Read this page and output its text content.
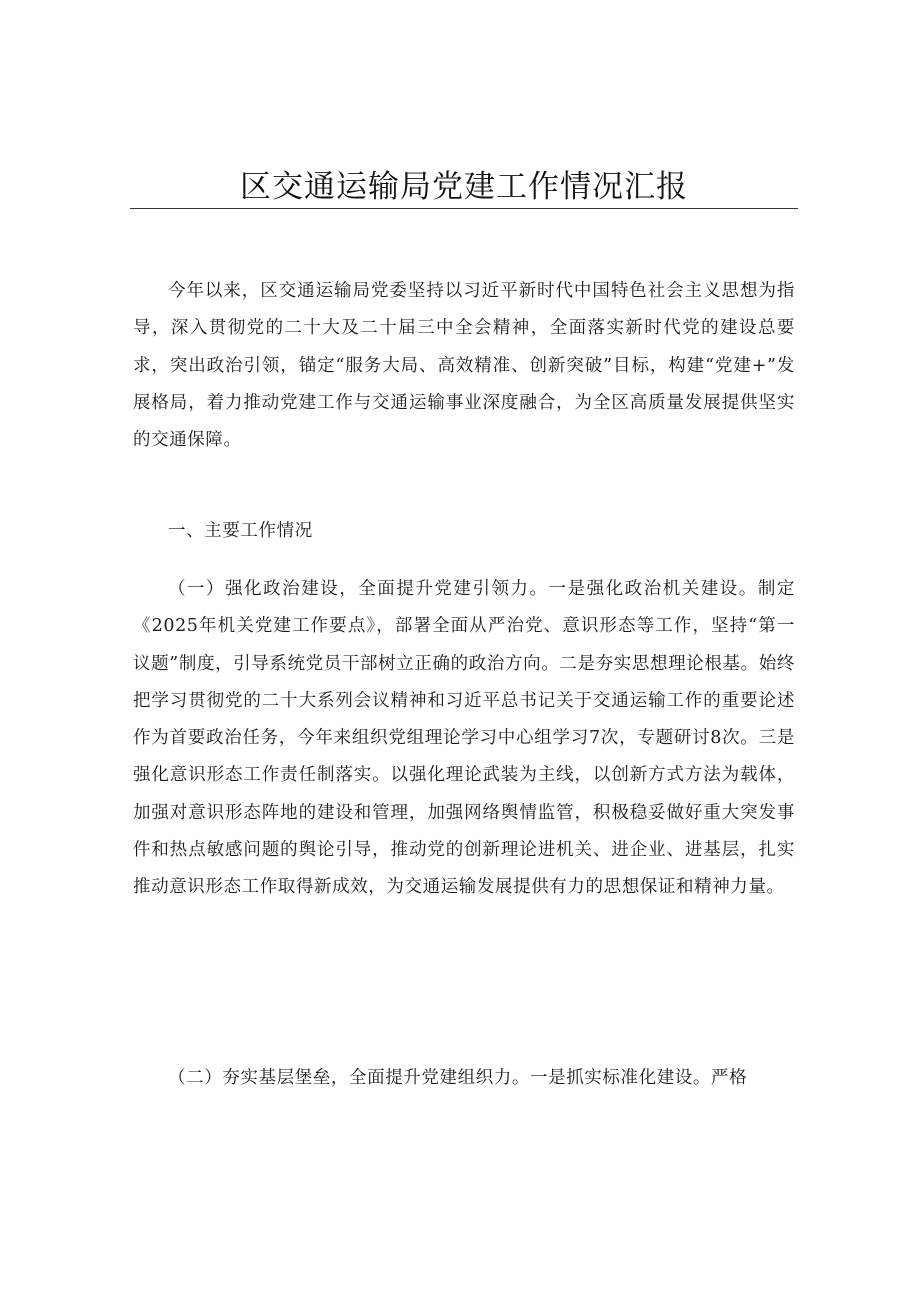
区交通运输局党建工作情况汇报

今年以来，区交通运输局党委坚持以习近平新时代中国特色社会主义思想为指导，深入贯彻党的二十大及二十届三中全会精神，全面落实新时代党的建设总要求，突出政治引领，锚定“服务大局、高效精准、创新突破”目标，构建“党建+”发展格局，着力推动党建工作与交通运输事业深度融合，为全区高质量发展提供坚实的交通保障。

一、主要工作情况

（一）强化政治建设，全面提升党建引领力。一是强化政治机关建设。制定《2025年机关党建工作要点》，部署全面从严治党、意识形态等工作，坚持“第一议题”制度，引导系统党员干部树立正确的政治方向。二是夯实思想理论根基。始终把学习贯彻党的二十大系列会议精神和习近平总书记关于交通运输工作的重要论述作为首要政治任务，今年来组织党组理论学习中心组学习7次，专题研讨8次。三是强化意识形态工作责任制落实。以强化理论武装为主线，以创新方式方法为载体，加强对意识形态阵地的建设和管理，加强网络舆情监管，积极稳妥做好重大突发事件和热点敏感问题的舆论引导，推动党的创新理论进机关、进企业、进基层，扎实推动意识形态工作取得新成效，为交通运输发展提供有力的思想保证和精神力量。

（二）夯实基层堡垒，全面提升党建组织力。一是抓实标准化建设。严格
